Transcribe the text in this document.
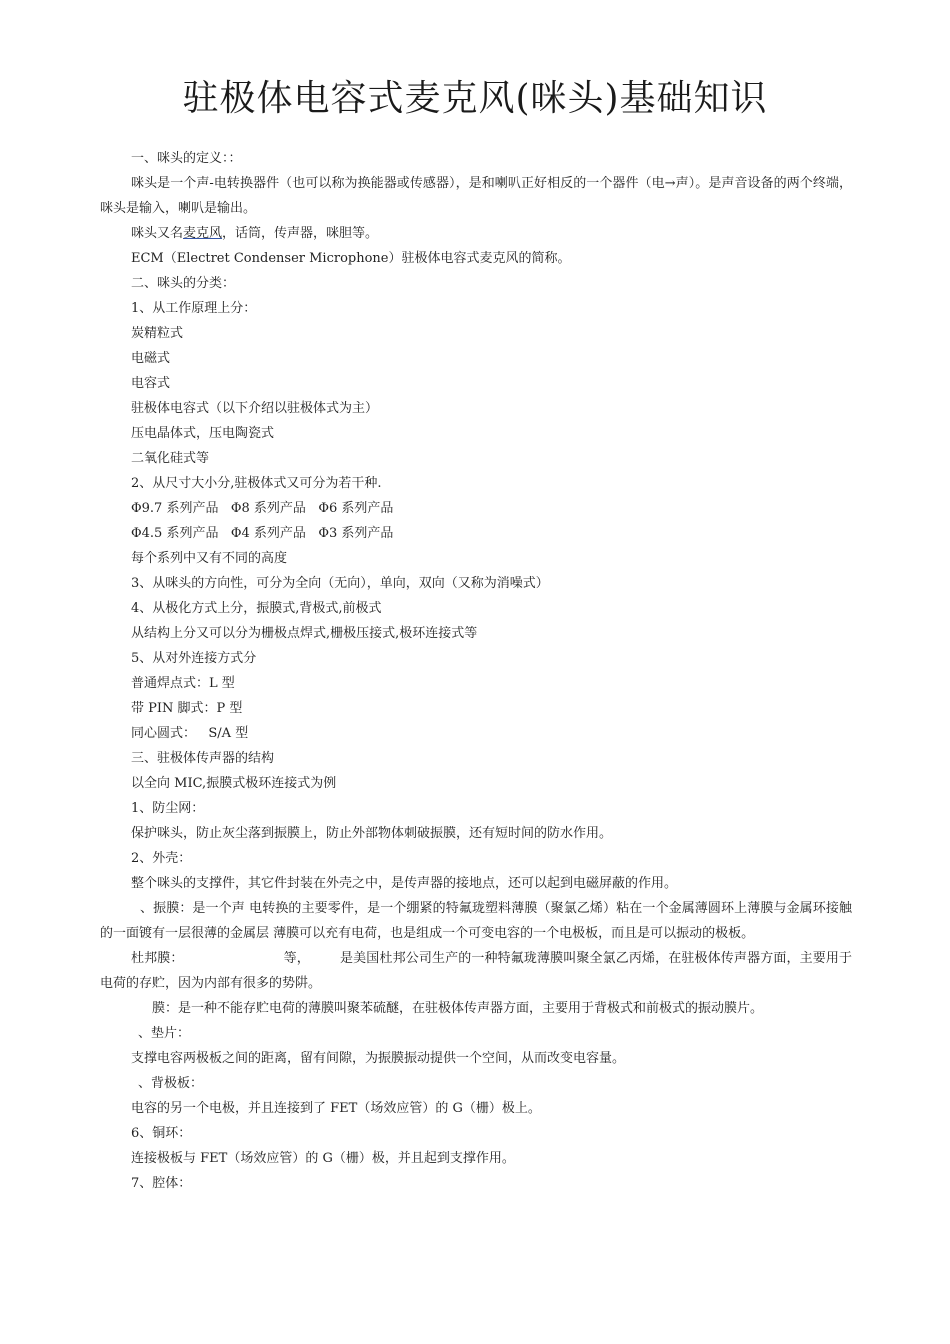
驻极体电容式麦克风(咪头)基础知识

一、咪头的定义：：

咪头是一个声-电转换器件（也可以称为换能器或传感器），是和喇叭正好相反的一个器件（电→声）。是声音设备的两个终端，咪头是输入，喇叭是输出。

咪头又名麦克风，话筒，传声器，咪胆等。

ECM（Electret Condenser Microphone）驻极体电容式麦克风的简称。

二、咪头的分类：

1、从工作原理上分：

炭精粒式

电磁式

电容式

驻极体电容式（以下介绍以驻极体式为主）

压电晶体式，压电陶瓷式

二氧化硅式等

2、从尺寸大小分,驻极体式又可分为若干种.

Φ9.7 系列产品   Φ8 系列产品   Φ6 系列产品

Φ4.5 系列产品   Φ4 系列产品   Φ3 系列产品

每个系列中又有不同的高度

3、从咪头的方向性，可分为全向（无向），单向，双向（又称为消噪式）

4、从极化方式上分，振膜式,背极式,前极式

从结构上分又可以分为栅极点焊式,栅极压接式,极环连接式等

5、从对外连接方式分

普通焊点式：L 型

带 PIN 脚式：P 型

同心圆式：   S/A 型

三、驻极体传声器的结构

以全向 MIC,振膜式极环连接式为例

1、防尘网：

保护咪头，防止灰尘落到振膜上，防止外部物体刺破振膜，还有短时间的防水作用。

2、外壳：

整个咪头的支撑件，其它件封装在外壳之中，是传声器的接地点，还可以起到电磁屏蔽的作用。

、振膜：是一个声 电转换的主要零件，是一个绷紧的特氟珑塑料薄膜（聚氯乙烯）粘在一个金属薄圆环上薄膜与金属环接触的一面镀有一层很薄的金属层 薄膜可以充有电荷，也是组成一个可变电容的一个电极板，而且是可以振动的极板。

杜邦膜：	等， 是美国杜邦公司生产的一种特氟珑薄膜叫聚全氯乙丙烯，在驻极体传声器方面，主要用于电荷的存贮，因为内部有很多的势阱。

膜：是一种不能存贮电荷的薄膜叫聚苯硫醚，在驻极体传声器方面，主要用于背极式和前极式的振动膜片。

、垫片：

支撑电容两极板之间的距离，留有间隙，为振膜振动提供一个空间，从而改变电容量。

、背极板：

电容的另一个电极，并且连接到了 FET（场效应管）的 G（栅）极上。

6、铜环：

连接极板与 FET（场效应管）的 G（栅）极，并且起到支撑作用。

7、腔体：
